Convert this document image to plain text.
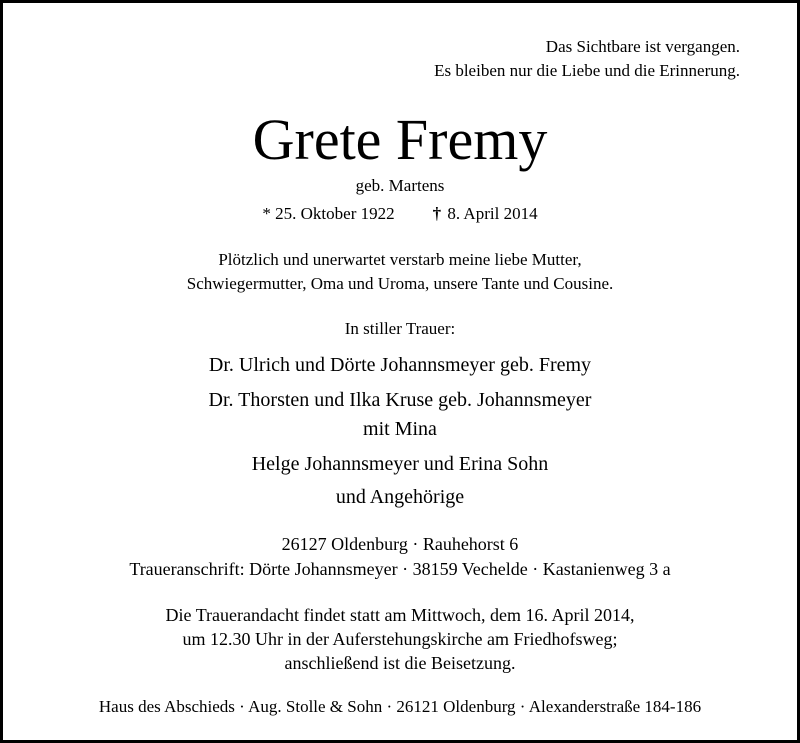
Das Sichtbare ist vergangen.
Es bleiben nur die Liebe und die Erinnerung.
Grete Fremy
geb. Martens
* 25. Oktober 1922 † 8. April 2014
Plötzlich und unerwartet verstarb meine liebe Mutter,
Schwiegermutter, Oma und Uroma, unsere Tante und Cousine.
In stiller Trauer:
Dr. Ulrich und Dörte Johannsmeyer geb. Fremy
Dr. Thorsten und Ilka Kruse geb. Johannsmeyer
mit Mina
Helge Johannsmeyer und Erina Sohn
und Angehörige
26127 Oldenburg · Rauhehorst 6
Traueranschrift: Dörte Johannsmeyer · 38159 Vechelde · Kastanienweg 3 a
Die Trauerandacht findet statt am Mittwoch, dem 16. April 2014,
um 12.30 Uhr in der Auferstehungskirche am Friedhofsweg;
anschließend ist die Beisetzung.
Haus des Abschieds · Aug. Stolle & Sohn · 26121 Oldenburg · Alexanderstraße 184-186
